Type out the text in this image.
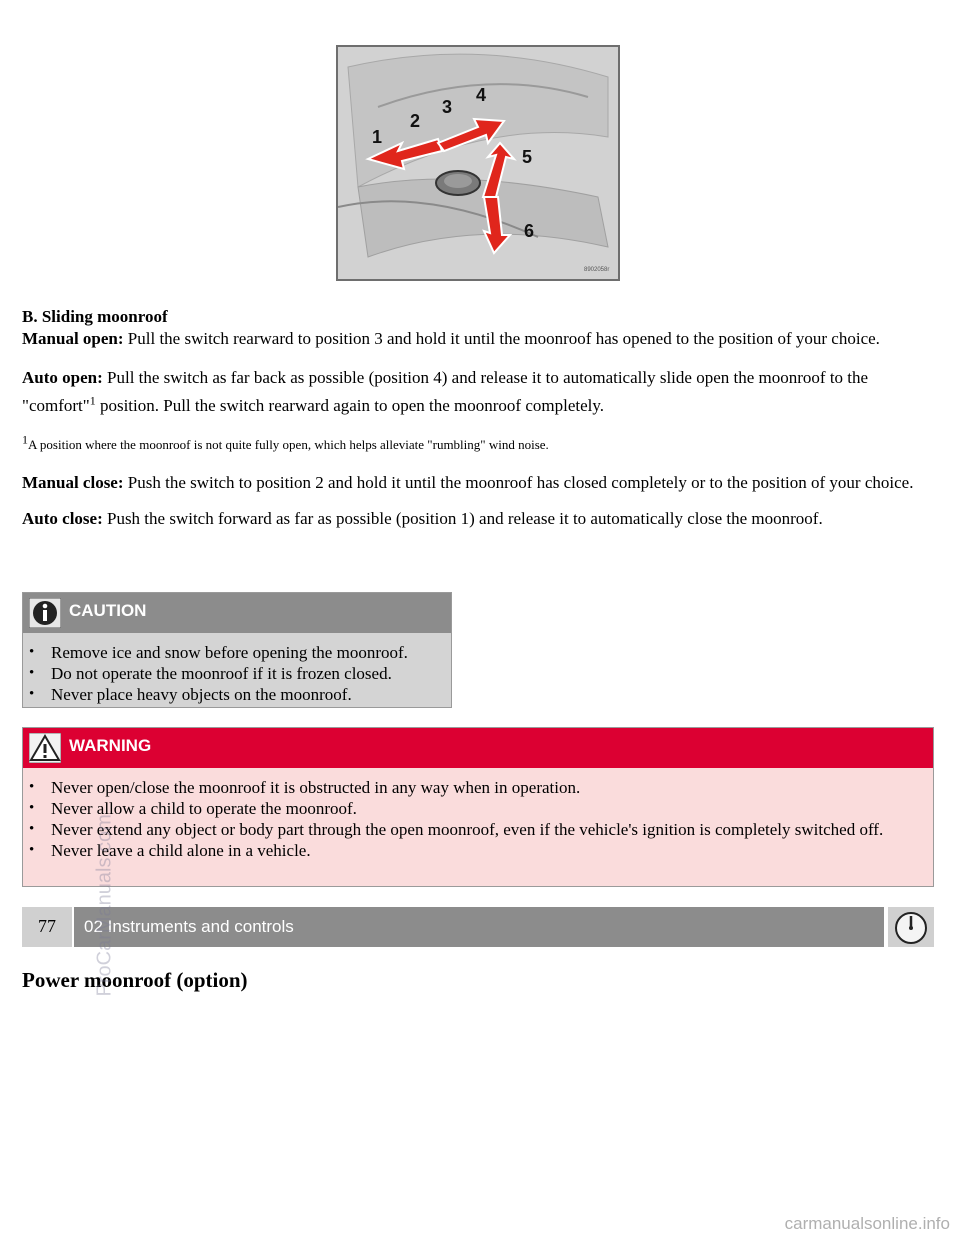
1
2
3
4
5
6
8902058r

B. Sliding moonroof

Manual open: Pull the switch rearward to position 3 and hold it until the moonroof has opened to the position of your choice.

Auto open: Pull the switch as far back as possible (position 4) and release it to automatically slide open the moonroof to the "comfort"$^1$ position. Pull the switch rearward again to open the moonroof completely.

$^1$A position where the moonroof is not quite fully open, which helps alleviate "rumbling" wind noise.

Manual close: Push the switch to position 2 and hold it until the moonroof has closed completely or to the position of your choice.

Auto close: Push the switch forward as far as possible (position 1) and release it to automatically close the moonroof.

CAUTION
• Remove ice and snow before opening the moonroof.
• Do not operate the moonroof if it is frozen closed.
• Never place heavy objects on the moonroof.
WARNING
• Never open/close the moonroof it is obstructed in any way when in operation.
• Never allow a child to operate the moonroof.
• Never extend any object or body part through the open moonroof, even if the vehicle's ignition is completely switched off.
• Never leave a child alone in a vehicle.
77	02 Instruments and controls
Power moonroof (option)
ProCarManuals.com
carmanualsonline.info
